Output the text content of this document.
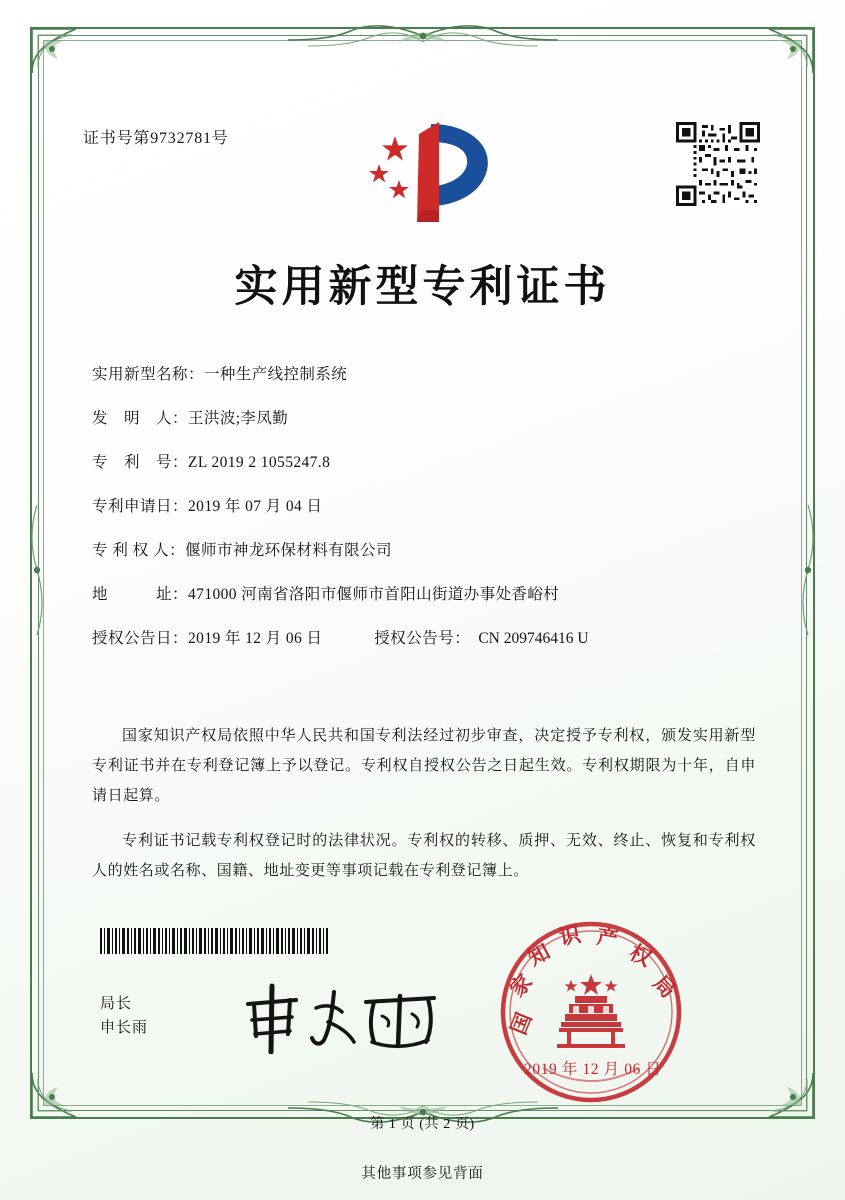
证书号第9732781号
实用新型专利证书
实用新型名称： 一种生产线控制系统
发　明　人： 王洪波;李凤勤
专　利　号： ZL 2019 2 1055247.8
专利申请日： 2019 年 07 月 04 日
专 利 权 人： 偃师市神龙环保材料有限公司
地　　　址： 471000 河南省洛阳市偃师市首阳山街道办事处香峪村
授权公告日： 2019 年 12 月 06 日	授权公告号： CN 209746416 U

国家知识产权局依照中华人民共和国专利法经过初步审查，决定授予专利权，颁发实用新型专利证书并在专利登记簿上予以登记。专利权自授权公告之日起生效。专利权期限为十年，自申请日起算。

专利证书记载专利权登记时的法律状况。专利权的转移、质押、无效、终止、恢复和专利权人的姓名或名称、国籍、地址变更等事项记载在专利登记簿上。

局长
申长雨	国
家
知
识 产
权
局
2019 年 12 月 06 日
第 1 页 (共 2 页)
其他事项参见背面
